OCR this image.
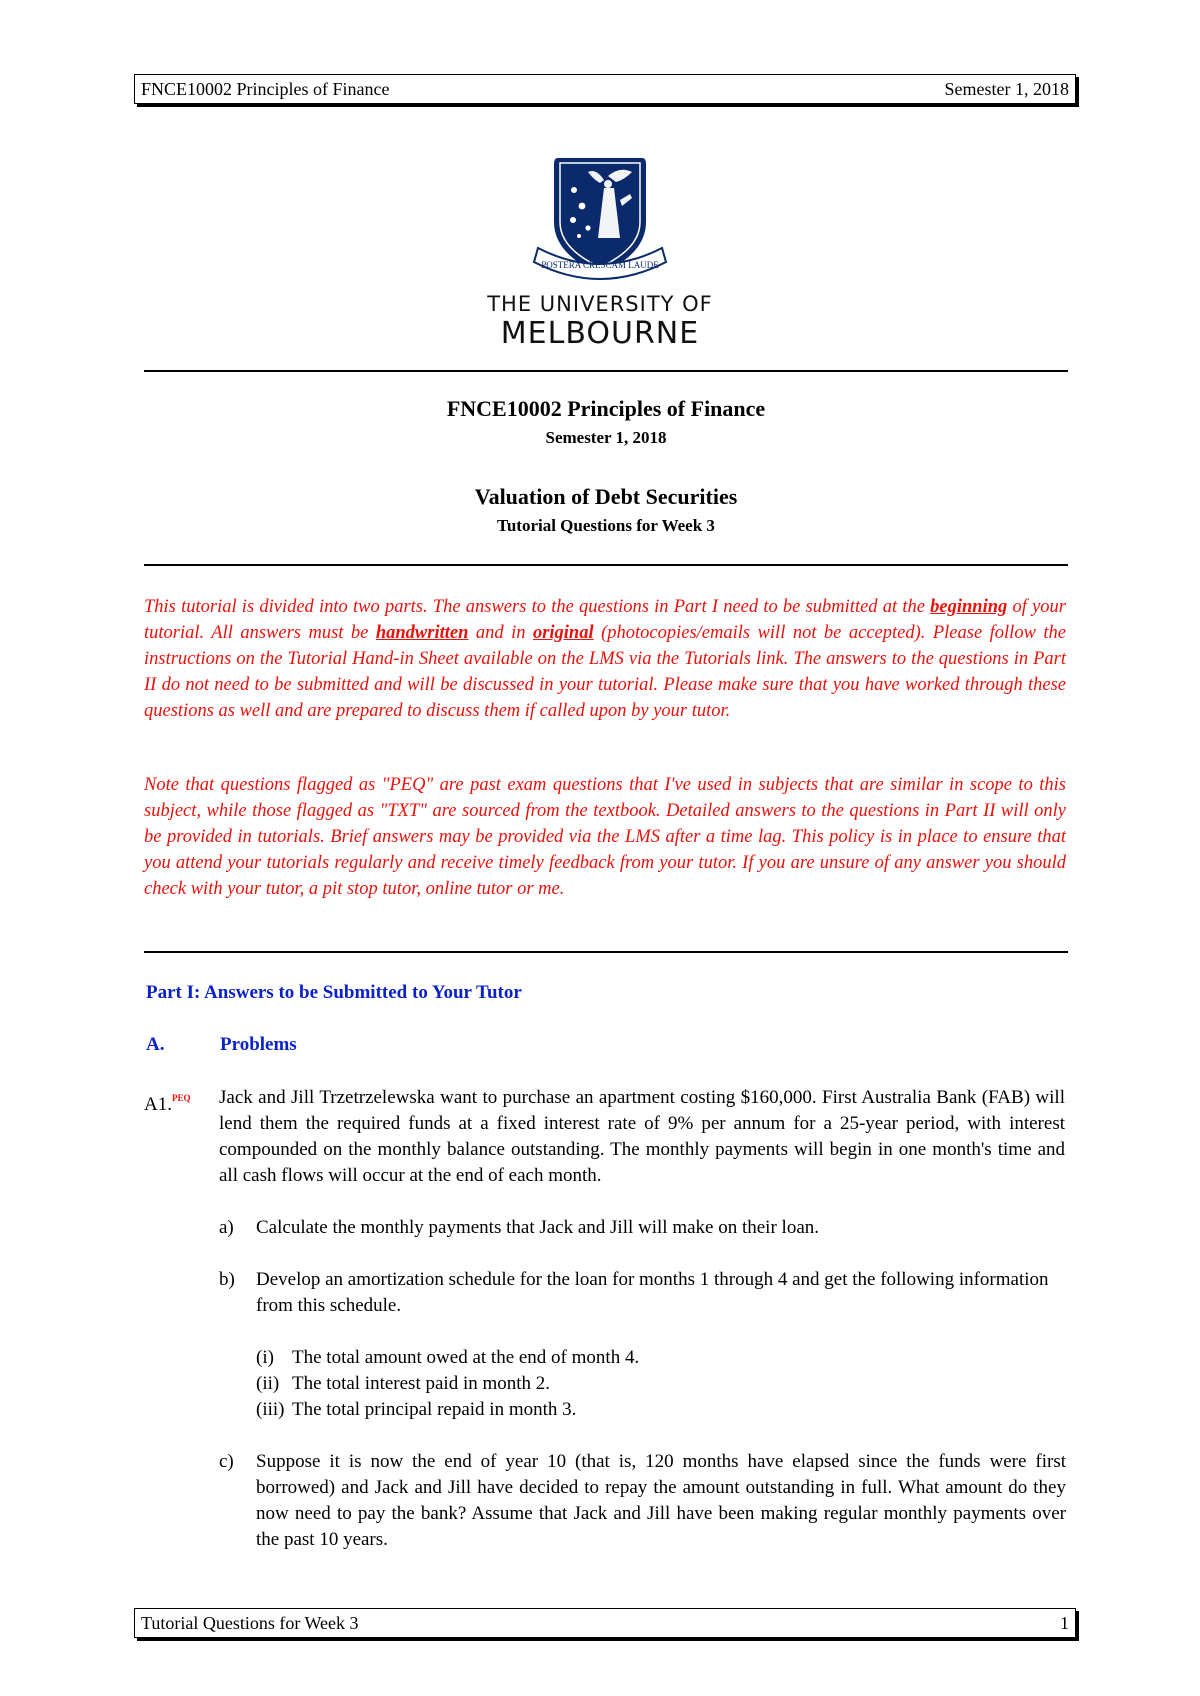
FNCE10002 Principles of Finance	Semester 1, 2018
POSTERA CRESCAM LAUDE
THE UNIVERSITY OF
MELBOURNE
FNCE10002 Principles of Finance
Semester 1, 2018
Valuation of Debt Securities
Tutorial Questions for Week 3
This tutorial is divided into two parts. The answers to the questions in Part I need to be submitted at the beginning of your tutorial. All answers must be handwritten and in original (photocopies/emails will not be accepted). Please follow the instructions on the Tutorial Hand-in Sheet available on the LMS via the Tutorials link. The answers to the questions in Part II do not need to be submitted and will be discussed in your tutorial. Please make sure that you have worked through these questions as well and are prepared to discuss them if called upon by your tutor.
Note that questions flagged as "PEQ" are past exam questions that I've used in subjects that are similar in scope to this subject, while those flagged as "TXT" are sourced from the textbook. Detailed answers to the questions in Part II will only be provided in tutorials. Brief answers may be provided via the LMS after a time lag. This policy is in place to ensure that you attend your tutorials regularly and receive timely feedback from your tutor. If you are unsure of any answer you should check with your tutor, a pit stop tutor, online tutor or me.
Part I: Answers to be Submitted to Your Tutor
A.	Problems
A1.$^{PEQ}$ Jack and Jill Trzetrzelewska want to purchase an apartment costing $160,000. First Australia Bank (FAB) will lend them the required funds at a fixed interest rate of 9% per annum for a 25-year period, with interest compounded on the monthly balance outstanding. The monthly payments will begin in one month's time and all cash flows will occur at the end of each month.
a) Calculate the monthly payments that Jack and Jill will make on their loan.
b) Develop an amortization schedule for the loan for months 1 through 4 and get the following information from this schedule.
(i) The total amount owed at the end of month 4.
(ii) The total interest paid in month 2.
(iii) The total principal repaid in month 3.
c) Suppose it is now the end of year 10 (that is, 120 months have elapsed since the funds were first borrowed) and Jack and Jill have decided to repay the amount outstanding in full. What amount do they now need to pay the bank? Assume that Jack and Jill have been making regular monthly payments over the past 10 years.
Tutorial Questions for Week 3	1
